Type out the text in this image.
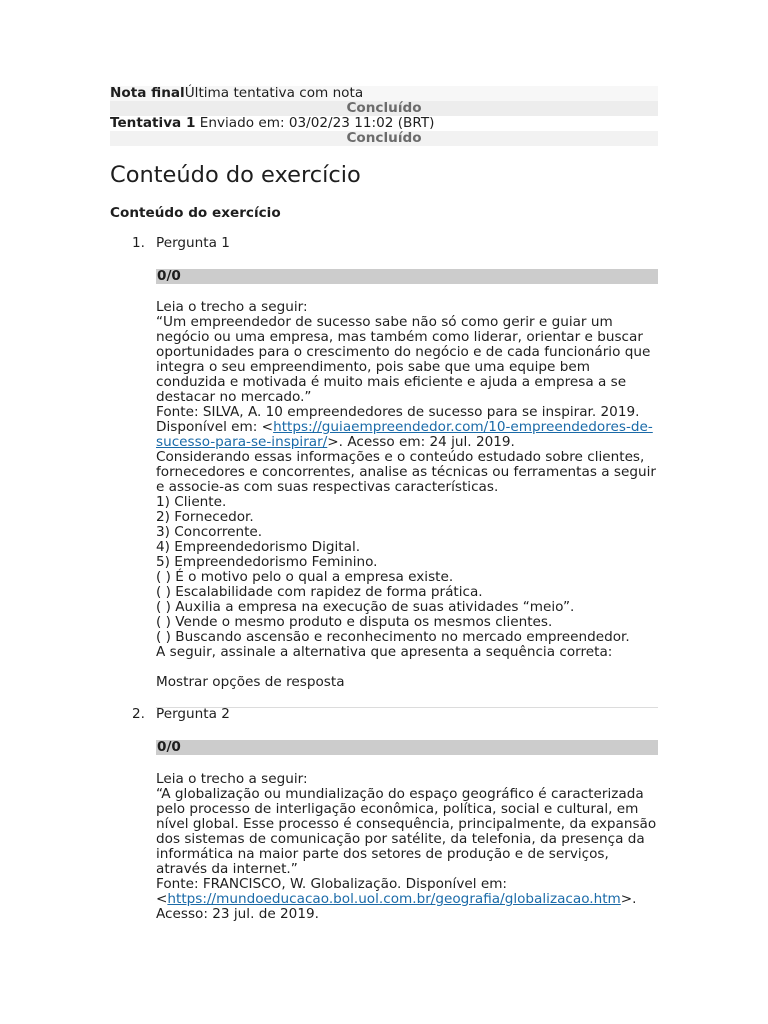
Nota finalÚltima tentativa com nota
Concluído
Tentativa 1 Enviado em: 03/02/23 11:02 (BRT)
Concluído
Conteúdo do exercício
Conteúdo do exercício
1. Pergunta 1
0/0
Leia o trecho a seguir:
“Um empreendedor de sucesso sabe não só como gerir e guiar um
negócio ou uma empresa, mas também como liderar, orientar e buscar
oportunidades para o crescimento do negócio e de cada funcionário que
integra o seu empreendimento, pois sabe que uma equipe bem
conduzida e motivada é muito mais eficiente e ajuda a empresa a se
destacar no mercado.”
Fonte: SILVA, A. 10 empreendedores de sucesso para se inspirar. 2019.
Disponível em: <https://guiaempreendedor.com/10-empreendedores-de-
sucesso-para-se-inspirar/>. Acesso em: 24 jul. 2019.
Considerando essas informações e o conteúdo estudado sobre clientes,
fornecedores e concorrentes, analise as técnicas ou ferramentas a seguir
e associe-as com suas respectivas características.
1) Cliente.
2) Fornecedor.
3) Concorrente.
4) Empreendedorismo Digital.
5) Empreendedorismo Feminino.
( ) É o motivo pelo o qual a empresa existe.
( ) Escalabilidade com rapidez de forma prática.
( ) Auxilia a empresa na execução de suas atividades “meio”.
( ) Vende o mesmo produto e disputa os mesmos clientes.
( ) Buscando ascensão e reconhecimento no mercado empreendedor.
A seguir, assinale a alternativa que apresenta a sequência correta:
Mostrar opções de resposta
2. Pergunta 2
0/0
Leia o trecho a seguir:
“A globalização ou mundialização do espaço geográfico é caracterizada
pelo processo de interligação econômica, política, social e cultural, em
nível global. Esse processo é consequência, principalmente, da expansão
dos sistemas de comunicação por satélite, da telefonia, da presença da
informática na maior parte dos setores de produção e de serviços,
através da internet.”
Fonte: FRANCISCO, W. Globalização. Disponível em:
<https://mundoeducacao.bol.uol.com.br/geografia/globalizacao.htm>.
Acesso: 23 jul. de 2019.
